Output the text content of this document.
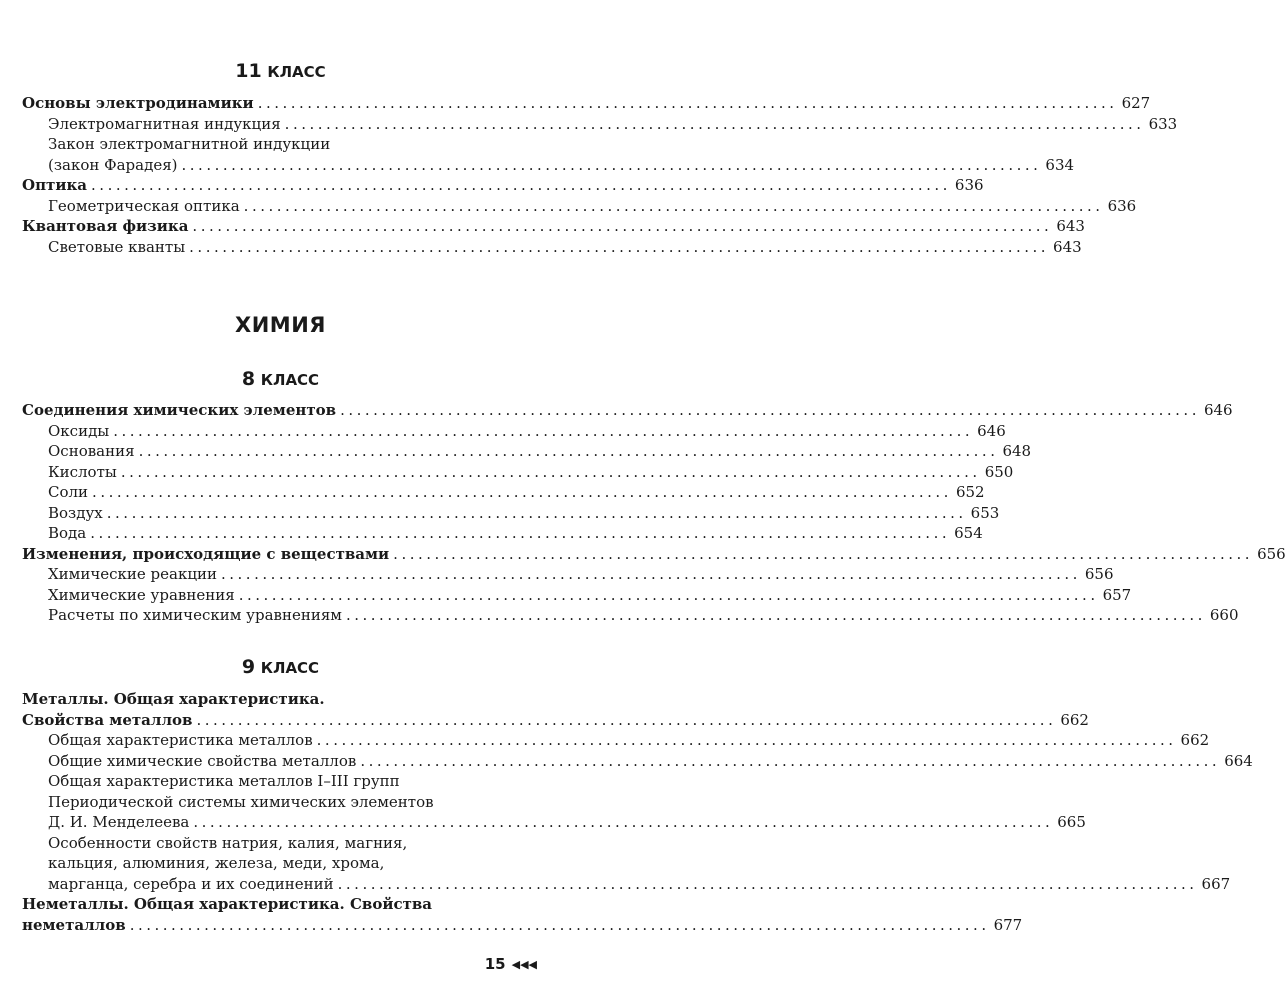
11 КЛАСС
Основы электродинамики ........................................................................................................ 627
Электромагнитная индукция ........................................................................................................ 633
Закон электромагнитной индукции
(закон Фарадея) ........................................................................................................ 634
Оптика ........................................................................................................ 636
Геометрическая оптика ........................................................................................................ 636
Квантовая физика ........................................................................................................ 643
Световые кванты ........................................................................................................ 643
ХИМИЯ
8 КЛАСС
Соединения химических элементов ........................................................................................................ 646
Оксиды ........................................................................................................ 646
Основания ........................................................................................................ 648
Кислоты ........................................................................................................ 650
Соли ........................................................................................................ 652
Воздух ........................................................................................................ 653
Вода ........................................................................................................ 654
Изменения, происходящие с веществами ........................................................................................................ 656
Химические реакции ........................................................................................................ 656
Химические уравнения ........................................................................................................ 657
Расчеты по химическим уравнениям ........................................................................................................ 660
9 КЛАСС
Металлы. Общая характеристика.
Свойства металлов ........................................................................................................ 662
Общая характеристика металлов ........................................................................................................ 662
Общие химические свойства металлов ........................................................................................................ 664
Общая характеристика металлов I–III групп
Периодической системы химических элементов
Д. И. Менделеева ........................................................................................................ 665
Особенности свойств натрия, калия, магния,
кальция, алюминия, железа, меди, хрома,
марганца, серебра и их соединений ........................................................................................................ 667
Неметаллы. Общая характеристика. Свойства
неметаллов ........................................................................................................ 677
15 ◀◀◀
